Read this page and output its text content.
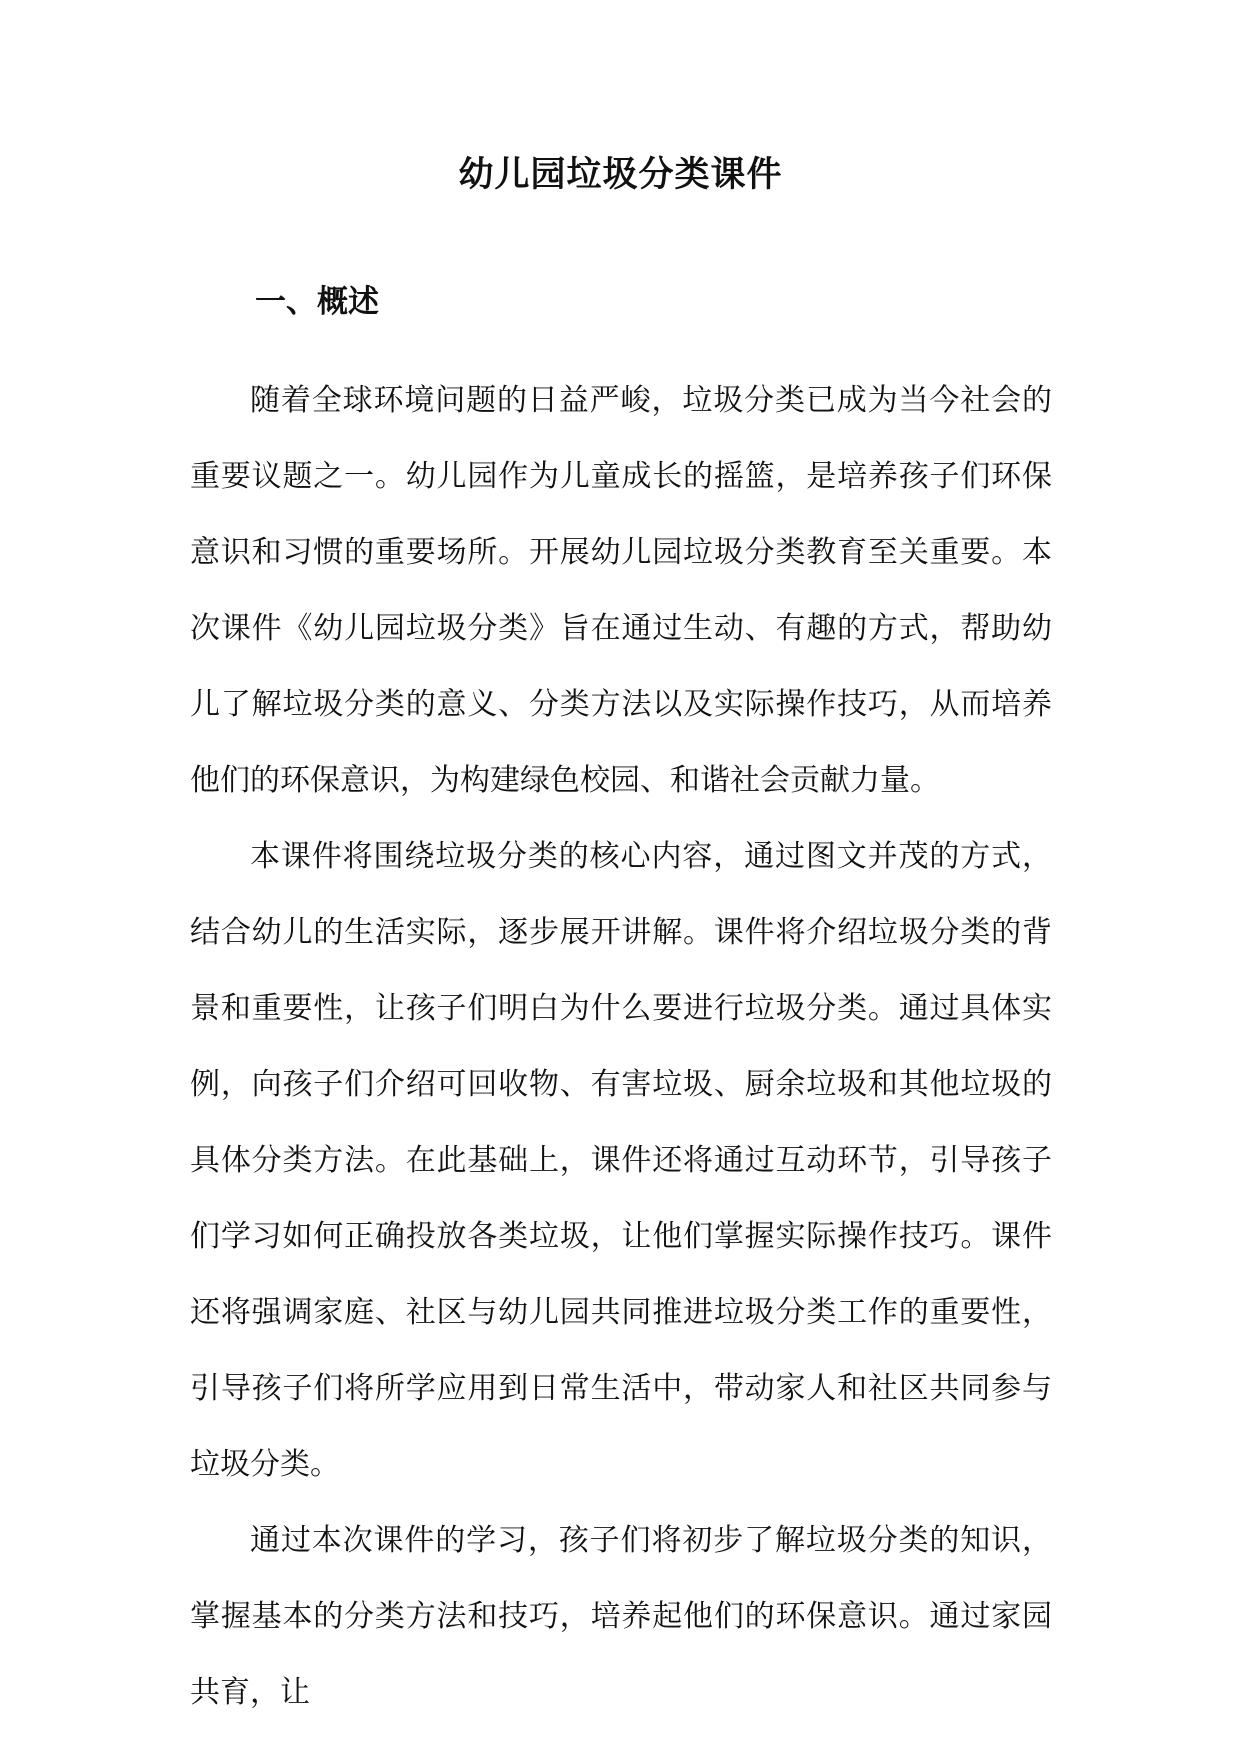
幼儿园垃圾分类课件
一、概述

随着全球环境问题的日益严峻，垃圾分类已成为当今社会的重要议题之一。幼儿园作为儿童成长的摇篮，是培养孩子们环保意识和习惯的重要场所。开展幼儿园垃圾分类教育至关重要。本次课件《幼儿园垃圾分类》旨在通过生动、有趣的方式，帮助幼儿了解垃圾分类的意义、分类方法以及实际操作技巧，从而培养他们的环保意识，为构建绿色校园、和谐社会贡献力量。

本课件将围绕垃圾分类的核心内容，通过图文并茂的方式，结合幼儿的生活实际，逐步展开讲解。课件将介绍垃圾分类的背景和重要性，让孩子们明白为什么要进行垃圾分类。通过具体实例，向孩子们介绍可回收物、有害垃圾、厨余垃圾和其他垃圾的具体分类方法。在此基础上，课件还将通过互动环节，引导孩子们学习如何正确投放各类垃圾，让他们掌握实际操作技巧。课件还将强调家庭、社区与幼儿园共同推进垃圾分类工作的重要性，引导孩子们将所学应用到日常生活中，带动家人和社区共同参与垃圾分类。

通过本次课件的学习，孩子们将初步了解垃圾分类的知识，掌握基本的分类方法和技巧，培养起他们的环保意识。通过家园共育，让
